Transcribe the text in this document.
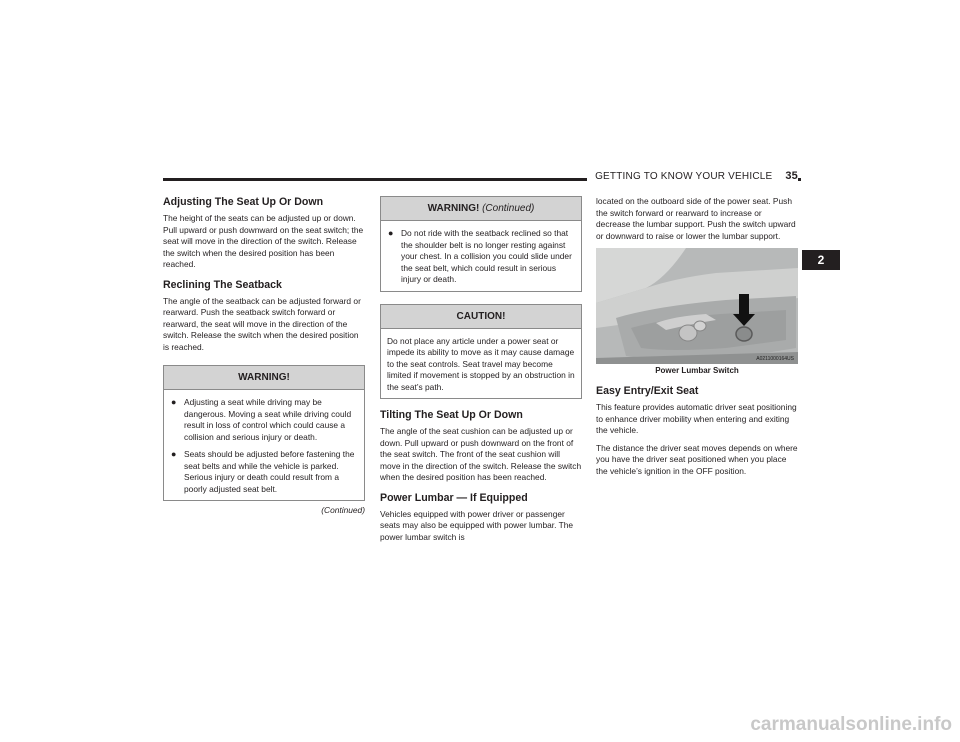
GETTING TO KNOW YOUR VEHICLE 35
2
Adjusting The Seat Up Or Down

The height of the seats can be adjusted up or down. Pull upward or push downward on the seat switch; the seat will move in the direction of the switch. Release the switch when the desired position has been reached.

Reclining The Seatback

The angle of the seatback can be adjusted forward or rearward. Push the seatback switch forward or rearward, the seat will move in the direction of the switch. Release the switch when the desired position is reached.

WARNING!
● Adjusting a seat while driving may be dangerous. Moving a seat while driving could result in loss of control which could cause a collision and serious injury or death.
● Seats should be adjusted before fastening the seat belts and while the vehicle is parked. Serious injury or death could result from a poorly adjusted seat belt.
(Continued)
WARNING! (Continued)
● Do not ride with the seatback reclined so that the shoulder belt is no longer resting against your chest. In a collision you could slide under the seat belt, which could result in serious injury or death.
CAUTION!

Do not place any article under a power seat or impede its ability to move as it may cause damage to the seat controls. Seat travel may become limited if movement is stopped by an obstruction in the seat’s path.

Tilting The Seat Up Or Down

The angle of the seat cushion can be adjusted up or down. Pull upward or push downward on the front of the seat switch. The front of the seat cushion will move in the direction of the switch. Release the switch when the desired position has been reached.

Power Lumbar — If Equipped

Vehicles equipped with power driver or passenger seats may also be equipped with power lumbar. The power lumbar switch is

located on the outboard side of the power seat. Push the switch forward or rearward to increase or decrease the lumbar support. Push the switch upward or downward to raise or lower the lumbar support.

A0211000164US
Power Lumbar Switch
Easy Entry/Exit Seat

This feature provides automatic driver seat positioning to enhance driver mobility when entering and exiting the vehicle.

The distance the driver seat moves depends on where you have the driver seat positioned when you place the vehicle’s ignition in the OFF position.

carmanualsonline.info
